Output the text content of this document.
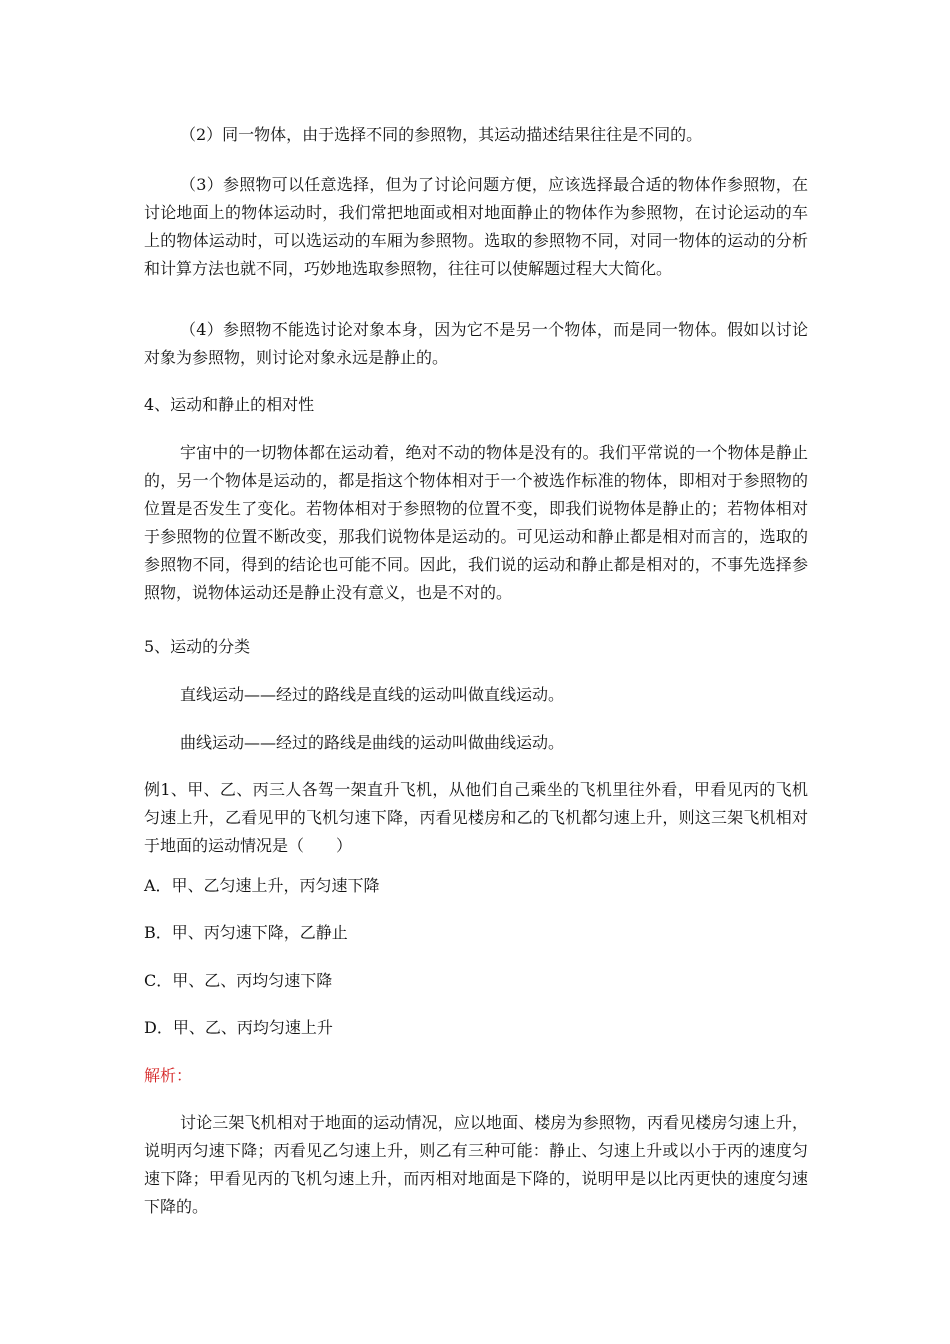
（2）同一物体，由于选择不同的参照物，其运动描述结果往往是不同的。

（3）参照物可以任意选择，但为了讨论问题方便，应该选择最合适的物体作参照物，在讨论地面上的物体运动时，我们常把地面或相对地面静止的物体作为参照物，在讨论运动的车上的物体运动时，可以选运动的车厢为参照物。选取的参照物不同，对同一物体的运动的分析和计算方法也就不同，巧妙地选取参照物，往往可以使解题过程大大简化。

（4）参照物不能选讨论对象本身，因为它不是另一个物体，而是同一物体。假如以讨论对象为参照物，则讨论对象永远是静止的。

4、运动和静止的相对性

宇宙中的一切物体都在运动着，绝对不动的物体是没有的。我们平常说的一个物体是静止的，另一个物体是运动的，都是指这个物体相对于一个被选作标准的物体，即相对于参照物的位置是否发生了变化。若物体相对于参照物的位置不变，即我们说物体是静止的；若物体相对于参照物的位置不断改变，那我们说物体是运动的。可见运动和静止都是相对而言的，选取的参照物不同，得到的结论也可能不同。因此，我们说的运动和静止都是相对的，不事先选择参照物，说物体运动还是静止没有意义，也是不对的。

5、运动的分类

直线运动——经过的路线是直线的运动叫做直线运动。

曲线运动——经过的路线是曲线的运动叫做曲线运动。

例1、甲、乙、丙三人各驾一架直升飞机，从他们自己乘坐的飞机里往外看，甲看见丙的飞机匀速上升，乙看见甲的飞机匀速下降，丙看见楼房和乙的飞机都匀速上升，则这三架飞机相对于地面的运动情况是（　　）

A．甲、乙匀速上升，丙匀速下降

B．甲、丙匀速下降，乙静止

C．甲、乙、丙均匀速下降

D．甲、乙、丙均匀速上升

解析：

讨论三架飞机相对于地面的运动情况，应以地面、楼房为参照物，丙看见楼房匀速上升，说明丙匀速下降；丙看见乙匀速上升，则乙有三种可能：静止、匀速上升或以小于丙的速度匀速下降；甲看见丙的飞机匀速上升，而丙相对地面是下降的，说明甲是以比丙更快的速度匀速下降的。
